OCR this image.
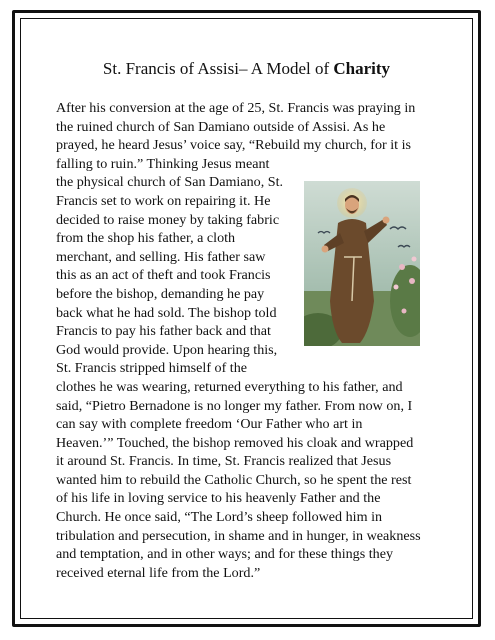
St. Francis of Assisi– A Model of Charity

After his conversion at the age of 25, St. Francis was praying in

the ruined church of San Damiano outside of Assisi. As he

prayed, he heard Jesus’ voice say, “Rebuild my church, for it is

falling to ruin.” Thinking Jesus meant

the physical church of San Damiano, St.

Francis set to work on repairing it. He

decided to raise money by taking fabric

from the shop his father, a cloth

merchant, and selling. His father saw

this as an act of theft and took Francis

before the bishop, demanding he pay

back what he had sold. The bishop told

Francis to pay his father back and that

God would provide. Upon hearing this,

St. Francis stripped himself of the

clothes he was wearing, returned everything to his father, and

said, “Pietro Bernadone is no longer my father. From now on, I

can say with complete freedom ‘Our Father who art in

Heaven.’” Touched, the bishop removed his cloak and wrapped

it around St. Francis. In time, St. Francis realized that Jesus

wanted him to rebuild the Catholic Church, so he spent the rest

of his life in loving service to his heavenly Father and the

Church. He once said, “The Lord’s sheep followed him in

tribulation and persecution, in shame and in hunger, in weakness

and temptation, and in other ways; and for these things they

received eternal life from the Lord.”
